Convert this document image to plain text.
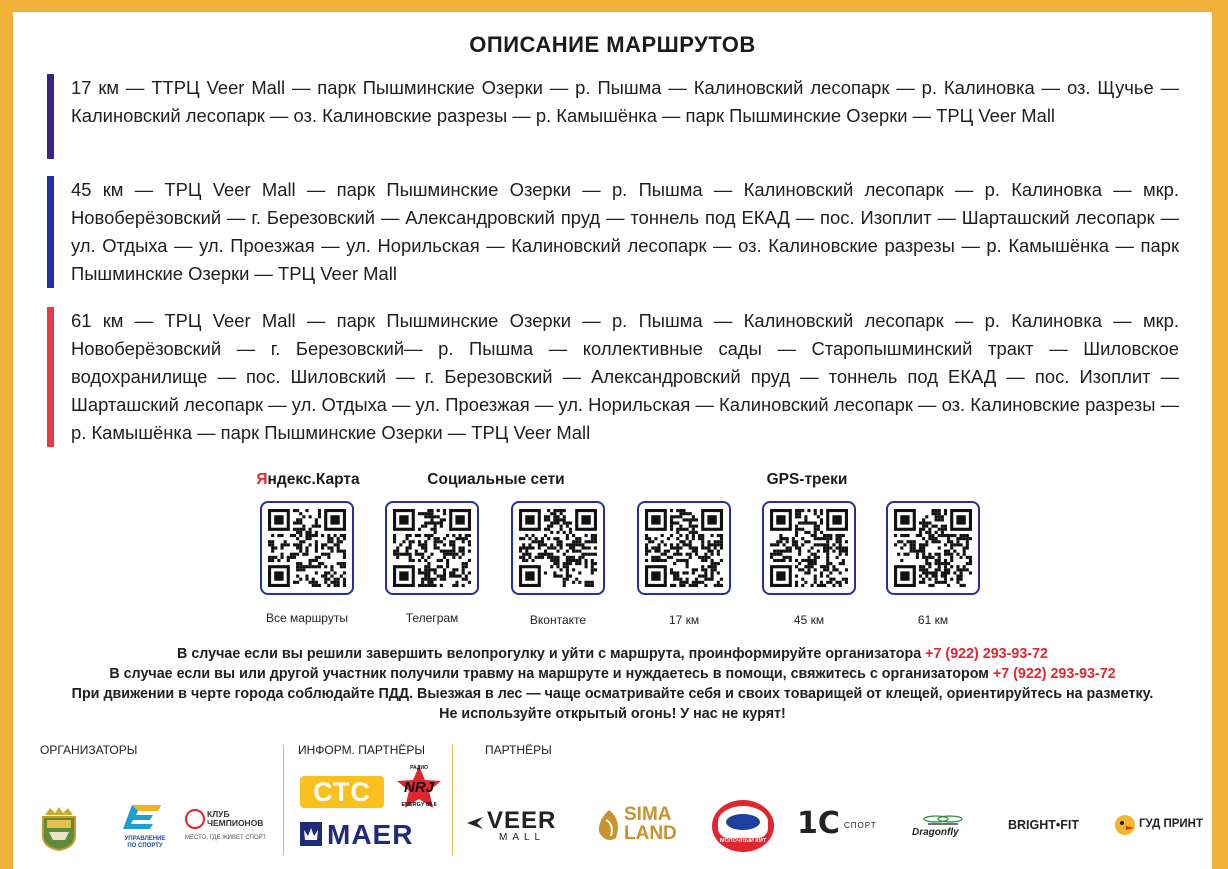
ОПИСАНИЕ МАРШРУТОВ
17 км — ТТРЦ Veer Mall — парк Пышминские Озерки — р. Пышма — Калиновский лесопарк — р. Калиновка — оз. Щучье — Калиновский лесопарк — оз. Калиновские разрезы — р. Камышёнка — парк Пышминские Озерки — ТРЦ Veer Mall
45 км — ТРЦ Veer Mall — парк Пышминские Озерки — р. Пышма — Калиновский лесопарк — р. Калиновка — мкр. Новоберёзовский — г. Березовский — Александровский пруд — тоннель под ЕКАД — пос. Изоплит — Шарташский лесопарк — ул. Отдыха — ул. Проезжая — ул. Норильская — Калиновский лесопарк — оз. Калиновские разрезы — р. Камышёнка — парк Пышминские Озерки — ТРЦ Veer Mall
61 км — ТРЦ Veer Mall — парк Пышминские Озерки — р. Пышма — Калиновский лесопарк — р. Калиновка — мкр. Новоберёзовский — г. Березовский— р. Пышма — коллективные сады — Старопышминский тракт — Шиловское водохранилище — пос. Шиловский — г. Березовский — Александровский пруд — тоннель под ЕКАД — пос. Изоплит — Шарташский лесопарк — ул. Отдыха — ул. Проезжая — ул. Норильская — Калиновский лесопарк — оз. Калиновские разрезы — р. Камышёнка — парк Пышминские Озерки — ТРЦ Veer Mall
Яндекс.Карта	Социальные сети	GPS-треки
Все маршруты	Телеграм	Вконтакте	17 км	45 км	61 км
В случае если вы решили завершить велопрогулку и уйти с маршрута, проинформируйте организатора +7 (922) 293-93-72
В случае если вы или другой участник получили травму на маршруте и нуждаетесь в помощи, свяжитесь с организатором +7 (922) 293-93-72
При движении в черте города соблюдайте ПДД. Выезжая в лес — чаще осматривайте себя и своих товарищей от клещей, ориентируйтесь на разметку.
Не используйте открытый огонь! У нас не курят!
ОРГАНИЗАТОРЫ	ИНФОРМ. ПАРТНЁРЫ	ПАРТНЁРЫ
УПРАВЛЕНИЕ
ПО СПОРТУ
КЛУБ
ЧЕМПИОНОВ
МЕСТО, ГДЕ ЖИВЕТ СПОРТ
СТС	NRJ
РАДИО
ENERGY 88.6
MAER	VEER
MALL
SIMA
LAND	МОЛОЧНЫЙ КИТ 1C СПОРТ
Dragonfly
BRIGHT•FIT	ГУД ПРИНТ
